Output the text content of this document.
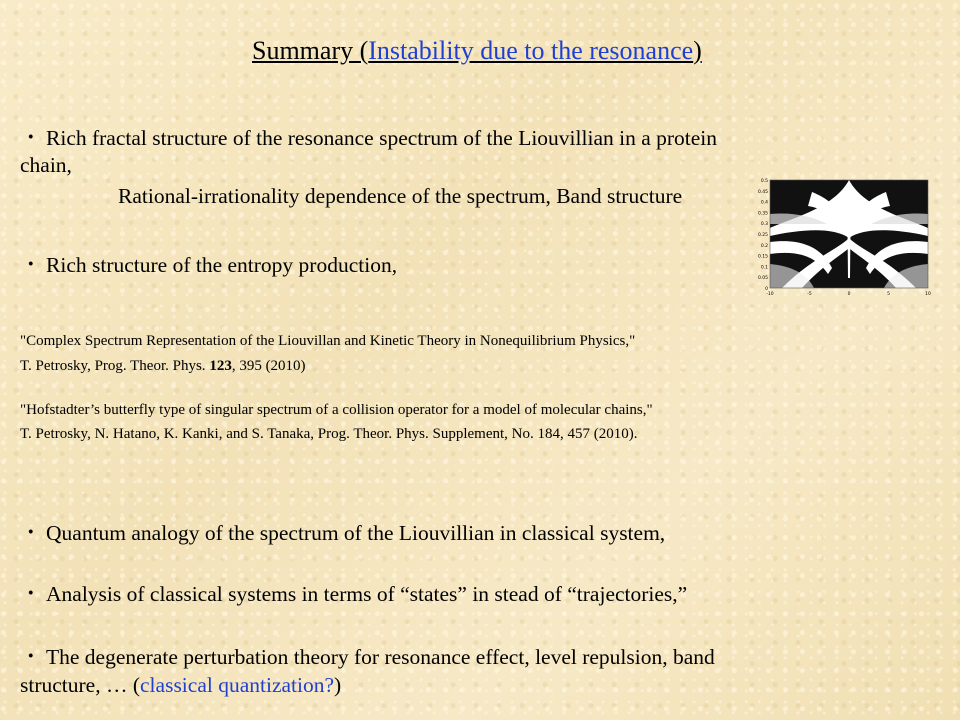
Summary (Instability due to the resonance)
0.5
0.45
0.4
0.35
0.3
0.25
0.2
0.15
0.1
0.05
0
-10	-5	0	5	10
・ Rich fractal structure of the resonance spectrum of the Liouvillian in a protein
chain,
Rational-irrationality dependence of the spectrum, Band structure
・ Rich structure of the entropy production,
"Complex Spectrum Representation of the Liouvillan and Kinetic Theory in Nonequilibrium Physics,"
T. Petrosky, Prog. Theor. Phys. 123, 395 (2010)
"Hofstadter’s butterfly type of singular spectrum of a collision operator for a model of molecular chains,"
T. Petrosky, N. Hatano, K. Kanki, and S. Tanaka, Prog. Theor. Phys. Supplement, No. 184, 457 (2010).
・ Quantum analogy of the spectrum of the Liouvillian in classical system,
・ Analysis of classical systems in terms of “states” in stead of “trajectories,”
・ The degenerate perturbation theory for resonance effect, level repulsion, band
structure, … (classical quantization?)
